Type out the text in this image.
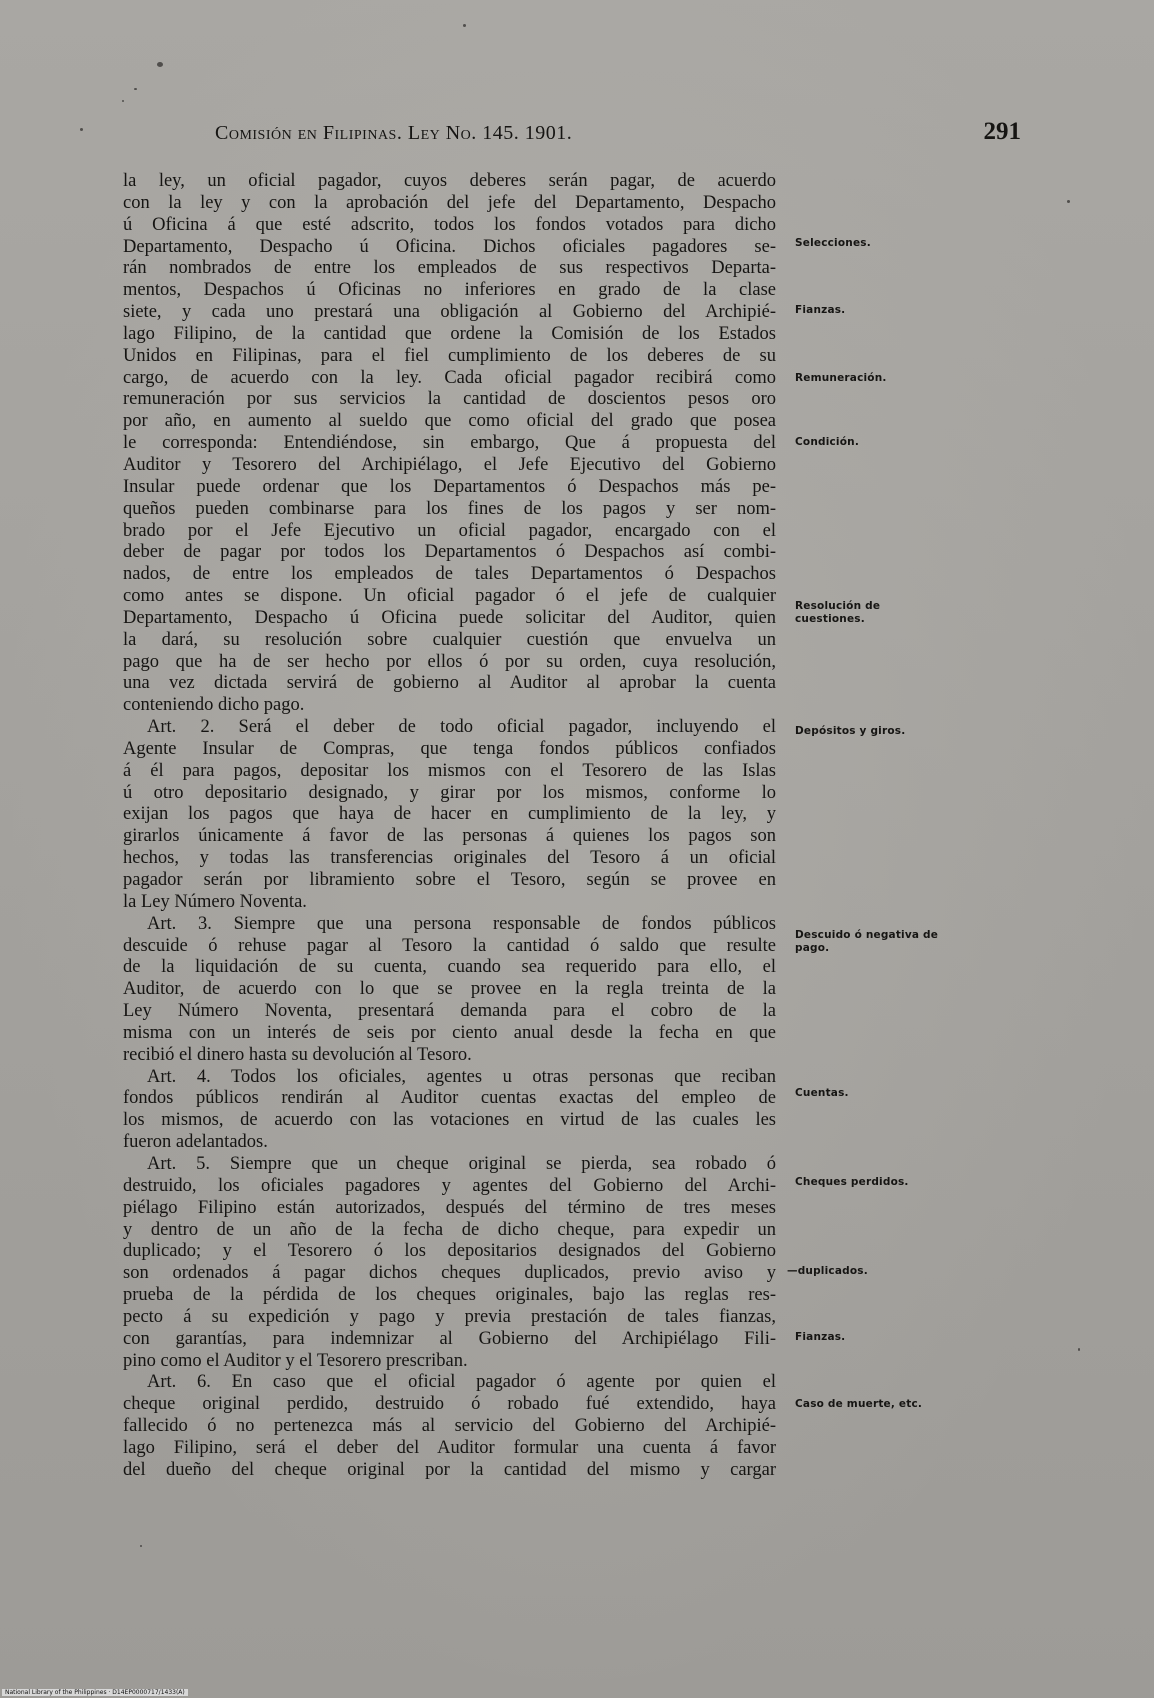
Comisión en Filipinas. Ley No. 145. 1901.	291
la ley, un oficial pagador, cuyos deberes serán pagar, de acuerdo
con la ley y con la aprobación del jefe del Departamento, Despacho
ú Oficina á que esté adscrito, todos los fondos votados para dicho
Departamento, Despacho ú Oficina. Dichos oficiales pagadores se-
rán nombrados de entre los empleados de sus respectivos Departa-
mentos, Despachos ú Oficinas no inferiores en grado de la clase
siete, y cada uno prestará una obligación al Gobierno del Archipié-
lago Filipino, de la cantidad que ordene la Comisión de los Estados
Unidos en Filipinas, para el fiel cumplimiento de los deberes de su
cargo, de acuerdo con la ley. Cada oficial pagador recibirá como
remuneración por sus servicios la cantidad de doscientos pesos oro
por año, en aumento al sueldo que como oficial del grado que posea
le corresponda: Entendiéndose, sin embargo, Que á propuesta del
Auditor y Tesorero del Archipiélago, el Jefe Ejecutivo del Gobierno
Insular puede ordenar que los Departamentos ó Despachos más pe-
queños pueden combinarse para los fines de los pagos y ser nom-
brado por el Jefe Ejecutivo un oficial pagador, encargado con el
deber de pagar por todos los Departamentos ó Despachos así combi-
nados, de entre los empleados de tales Departamentos ó Despachos
como antes se dispone. Un oficial pagador ó el jefe de cualquier
Departamento, Despacho ú Oficina puede solicitar del Auditor, quien
la dará, su resolución sobre cualquier cuestión que envuelva un
pago que ha de ser hecho por ellos ó por su orden, cuya resolución,
una vez dictada servirá de gobierno al Auditor al aprobar la cuenta
conteniendo dicho pago.
Art. 2. Será el deber de todo oficial pagador, incluyendo el
Agente Insular de Compras, que tenga fondos públicos confiados
á él para pagos, depositar los mismos con el Tesorero de las Islas
ú otro depositario designado, y girar por los mismos, conforme lo
exijan los pagos que haya de hacer en cumplimiento de la ley, y
girarlos únicamente á favor de las personas á quienes los pagos son
hechos, y todas las transferencias originales del Tesoro á un oficial
pagador serán por libramiento sobre el Tesoro, según se provee en
la Ley Número Noventa.
Art. 3. Siempre que una persona responsable de fondos públicos
descuide ó rehuse pagar al Tesoro la cantidad ó saldo que resulte
de la liquidación de su cuenta, cuando sea requerido para ello, el
Auditor, de acuerdo con lo que se provee en la regla treinta de la
Ley Número Noventa, presentará demanda para el cobro de la
misma con un interés de seis por ciento anual desde la fecha en que
recibió el dinero hasta su devolución al Tesoro.
Art. 4. Todos los oficiales, agentes u otras personas que reciban
fondos públicos rendirán al Auditor cuentas exactas del empleo de
los mismos, de acuerdo con las votaciones en virtud de las cuales les
fueron adelantados.
Art. 5. Siempre que un cheque original se pierda, sea robado ó
destruido, los oficiales pagadores y agentes del Gobierno del Archi-
piélago Filipino están autorizados, después del término de tres meses
y dentro de un año de la fecha de dicho cheque, para expedir un
duplicado; y el Tesorero ó los depositarios designados del Gobierno
son ordenados á pagar dichos cheques duplicados, previo aviso y
prueba de la pérdida de los cheques originales, bajo las reglas res-
pecto á su expedición y pago y previa prestación de tales fianzas,
con garantías, para indemnizar al Gobierno del Archipiélago Fili-
pino como el Auditor y el Tesorero prescriban.
Art. 6. En caso que el oficial pagador ó agente por quien el
cheque original perdido, destruido ó robado fué extendido, haya
fallecido ó no pertenezca más al servicio del Gobierno del Archipié-
lago Filipino, será el deber del Auditor formular una cuenta á favor
del dueño del cheque original por la cantidad del mismo y cargar
Selecciones.
Fianzas.
Remuneración.
Condición.
Resolución de cuestiones.
Depósitos y giros.
Descuido ó negativa de pago.
Cuentas.
Cheques perdidos.
—duplicados.
Fianzas.
Caso de muerte, etc.
National Library of the Philippines · D14EP0000717/1433(A)
